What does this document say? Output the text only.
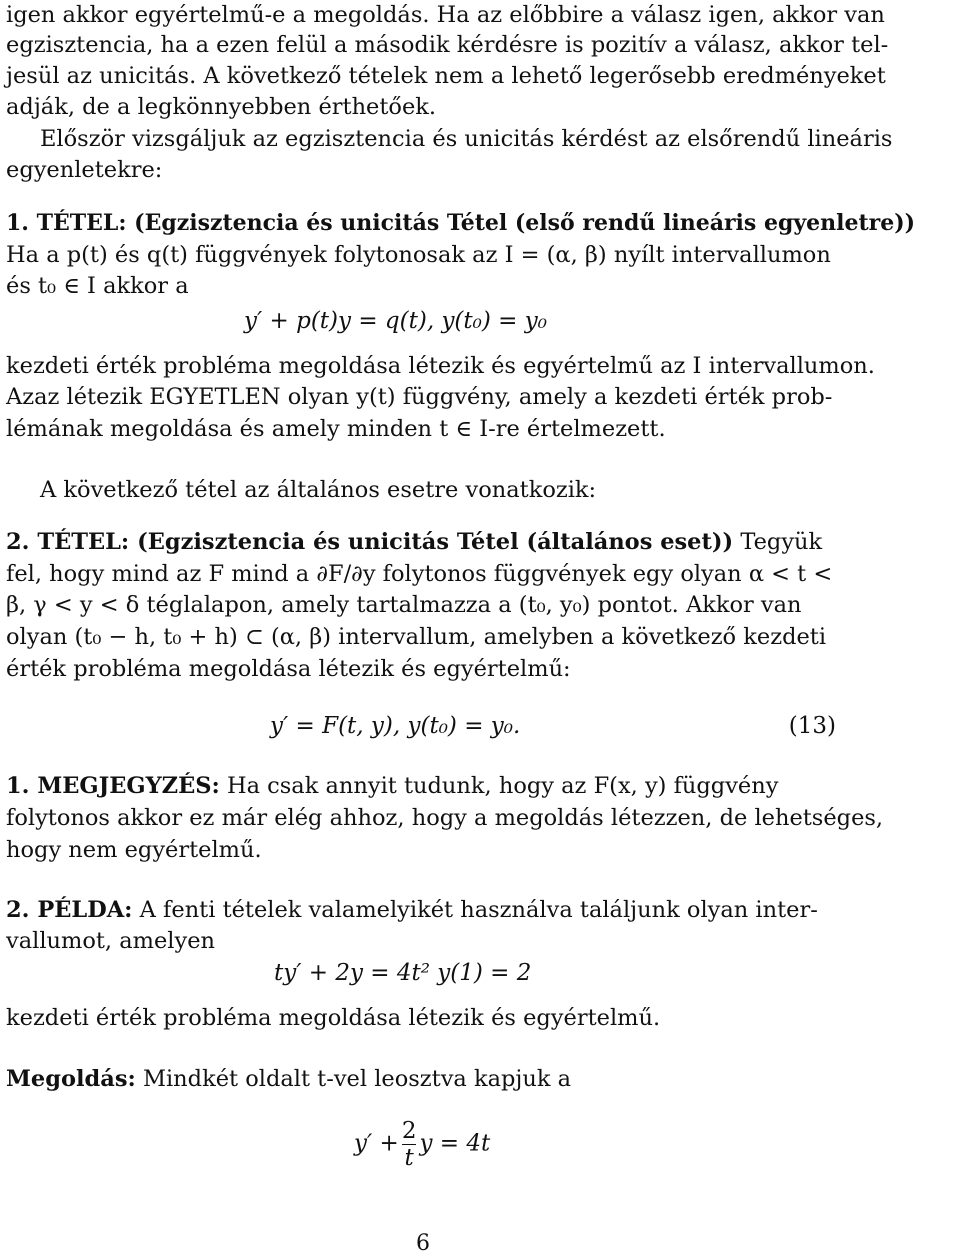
igen akkor egyértelmű-e a megoldás. Ha az előbbire a válasz igen, akkor van
egzisztencia, ha a ezen felül a második kérdésre is pozitív a válasz, akkor tel-
jesül az unicitás. A következő tételek nem a lehető legerősebb eredményeket
adják, de a legkönnyebben érthetőek.
Először vizsgáljuk az egzisztencia és unicitás kérdést az elsőrendű lineáris
egyenletekre:
1. TÉTEL: (Egzisztencia és unicitás Tétel (első rendű lineáris egyenletre))
Ha a p(t) és q(t) függvények folytonosak az I = (α, β) nyílt intervallumon
és t₀ ∈ I akkor a
y′ + p(t)y = q(t), y(t₀) = y₀
kezdeti érték probléma megoldása létezik és egyértelmű az I intervallumon.
Azaz létezik EGYETLEN olyan y(t) függvény, amely a kezdeti érték prob-
lémának megoldása és amely minden t ∈ I-re értelmezett.
A következő tétel az általános esetre vonatkozik:
2. TÉTEL: (Egzisztencia és unicitás Tétel (általános eset)) Tegyük
fel, hogy mind az F mind a ∂F/∂y folytonos függvények egy olyan α < t <
β, γ < y < δ téglalapon, amely tartalmazza a (t₀, y₀) pontot. Akkor van
olyan (t₀ − h, t₀ + h) ⊂ (α, β) intervallum, amelyben a következő kezdeti
érték probléma megoldása létezik és egyértelmű:
y′ = F(t, y), y(t₀) = y₀.	(13)
1. MEGJEGYZÉS: Ha csak annyit tudunk, hogy az F(x, y) függvény
folytonos akkor ez már elég ahhoz, hogy a megoldás létezzen, de lehetséges,
hogy nem egyértelmű.
2. PÉLDA: A fenti tételek valamelyikét használva találjunk olyan inter-
vallumot, amelyen
ty′ + 2y = 4t² y(1) = 2
kezdeti érték probléma megoldása létezik és egyértelmű.
Megoldás: Mindkét oldalt t-vel leosztva kapjuk a
$y' + \frac{2}{t}$ y = 4t
6
